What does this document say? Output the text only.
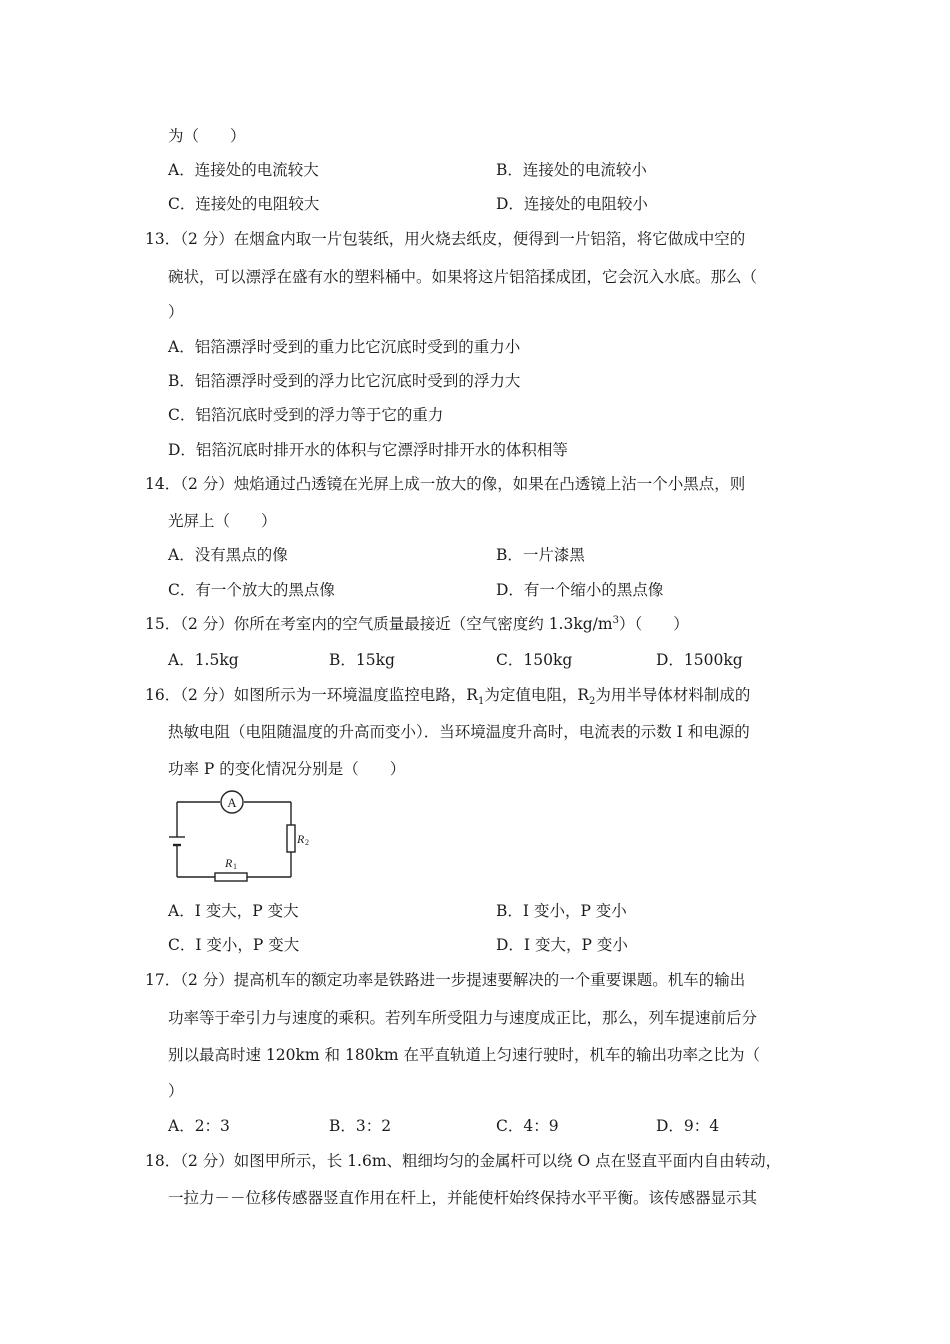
为（　　）
A．连接处的电流较大	B．连接处的电流较小
C．连接处的电阻较大	D．连接处的电阻较小
13．（2 分）在烟盒内取一片包装纸，用火烧去纸皮，便得到一片铝箔，将它做成中空的
碗状，可以漂浮在盛有水的塑料桶中。如果将这片铝箔揉成团，它会沉入水底。那么（
）
A．铝箔漂浮时受到的重力比它沉底时受到的重力小
B．铝箔漂浮时受到的浮力比它沉底时受到的浮力大
C．铝箔沉底时受到的浮力等于它的重力
D．铝箔沉底时排开水的体积与它漂浮时排开水的体积相等
14．（2 分）烛焰通过凸透镜在光屏上成一放大的像，如果在凸透镜上沾一个小黑点，则
光屏上（　　）
A．没有黑点的像	B．一片漆黑
C．有一个放大的黑点像	D．有一个缩小的黑点像
15．（2 分）你所在考室内的空气质量最接近（空气密度约 $1.3kg/m^3$）（　　）
A．1.5kg	B．15kg	C．150kg	D．1500kg
16．（2 分）如图所示为一环境温度监控电路，$R_1$为定值电阻，$R_2$为用半导体材料制成的
热敏电阻（电阻随温度的升高而变小）．当环境温度升高时，电流表的示数 I 和电源的
功率 P 的变化情况分别是（　　）
A
R 1
R 2
A．I 变大，P 变大	B．I 变小，P 变小
C．I 变小，P 变大	D．I 变大，P 变小
17．（2 分）提高机车的额定功率是铁路进一步提速要解决的一个重要课题。机车的输出
功率等于牵引力与速度的乘积。若列车所受阻力与速度成正比，那么，列车提速前后分
别以最高时速 120km 和 180km 在平直轨道上匀速行驶时，机车的输出功率之比为（
）
A．2：3	B．3：2	C．4：9	D．9：4
18．（2 分）如图甲所示，长 1.6m、粗细均匀的金属杆可以绕 O 点在竖直平面内自由转动，
一拉力－－位移传感器竖直作用在杆上，并能使杆始终保持水平平衡。该传感器显示其
